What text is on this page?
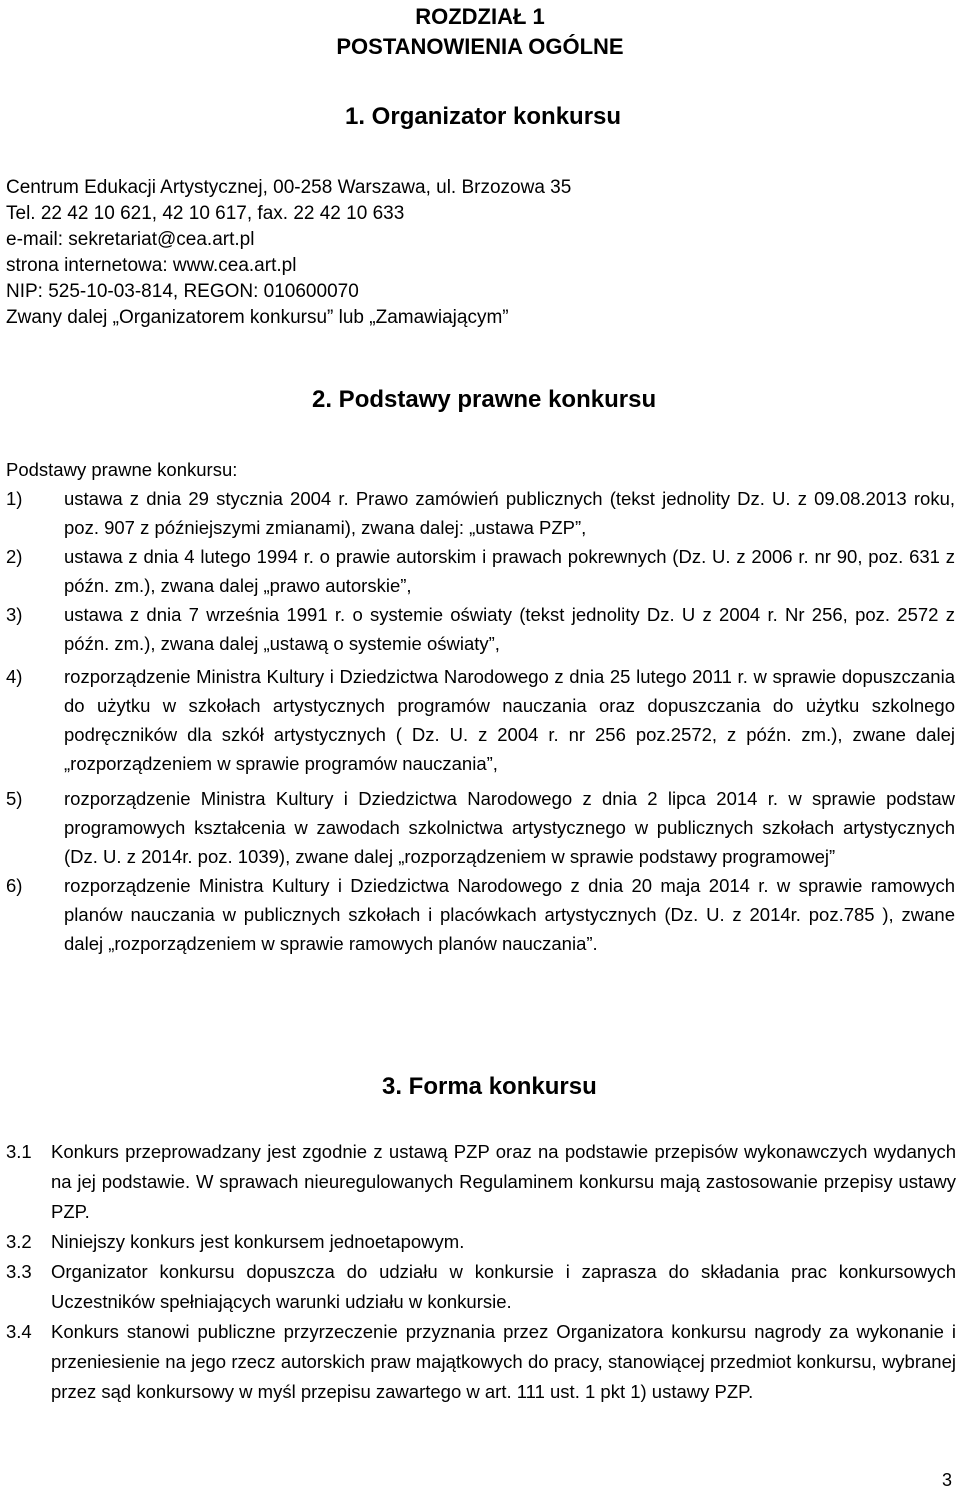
ROZDZIAŁ 1
POSTANOWIENIA OGÓLNE
1. Organizator konkursu
Centrum Edukacji Artystycznej, 00-258 Warszawa, ul. Brzozowa 35
Tel. 22 42 10 621, 42 10 617, fax. 22 42 10 633
e-mail: sekretariat@cea.art.pl
strona internetowa: www.cea.art.pl
NIP: 525-10-03-814, REGON: 010600070
Zwany dalej „Organizatorem konkursu” lub „Zamawiającym”
2. Podstawy prawne konkursu
Podstawy prawne konkursu:
1) ustawa z dnia 29 stycznia 2004 r. Prawo zamówień publicznych (tekst jednolity Dz. U. z 09.08.2013 roku, poz. 907 z późniejszymi zmianami), zwana dalej: „ustawa PZP”,
2) ustawa z dnia 4 lutego 1994 r. o prawie autorskim i prawach pokrewnych (Dz. U. z 2006 r. nr 90, poz. 631 z późn. zm.), zwana dalej „prawo autorskie”,
3) ustawa z dnia 7 września 1991 r. o systemie oświaty (tekst jednolity Dz. U z 2004 r. Nr 256, poz. 2572 z późn. zm.), zwana dalej „ustawą o systemie oświaty”,
4) rozporządzenie Ministra Kultury i Dziedzictwa Narodowego z dnia 25 lutego 2011 r. w sprawie dopuszczania do użytku w szkołach artystycznych programów nauczania oraz dopuszczania do użytku szkolnego podręczników dla szkół artystycznych ( Dz. U. z 2004 r. nr 256 poz.2572, z późn. zm.), zwane dalej „rozporządzeniem w sprawie programów nauczania”,
5) rozporządzenie Ministra Kultury i Dziedzictwa Narodowego z dnia 2 lipca 2014 r. w sprawie podstaw programowych kształcenia w zawodach szkolnictwa artystycznego w publicznych szkołach artystycznych (Dz. U. z 2014r. poz. 1039), zwane dalej „rozporządzeniem w sprawie podstawy programowej”
6) rozporządzenie Ministra Kultury i Dziedzictwa Narodowego z dnia 20 maja 2014 r. w sprawie ramowych planów nauczania w publicznych szkołach i placówkach artystycznych (Dz. U. z 2014r. poz.785 ), zwane dalej „rozporządzeniem w sprawie ramowych planów nauczania”.
3. Forma konkursu
3.1 Konkurs przeprowadzany jest zgodnie z ustawą PZP oraz na podstawie przepisów wykonawczych wydanych na jej podstawie. W sprawach nieuregulowanych Regulaminem konkursu mają zastosowanie przepisy ustawy PZP.
3.2 Niniejszy konkurs jest konkursem jednoetapowym.
3.3 Organizator konkursu dopuszcza do udziału w konkursie i zaprasza do składania prac konkursowych Uczestników spełniających warunki udziału w konkursie.
3.4 Konkurs stanowi publiczne przyrzeczenie przyznania przez Organizatora konkursu nagrody za wykonanie i przeniesienie na jego rzecz autorskich praw majątkowych do pracy, stanowiącej przedmiot konkursu, wybranej przez sąd konkursowy w myśl przepisu zawartego w art. 111 ust. 1 pkt 1) ustawy PZP.
3
